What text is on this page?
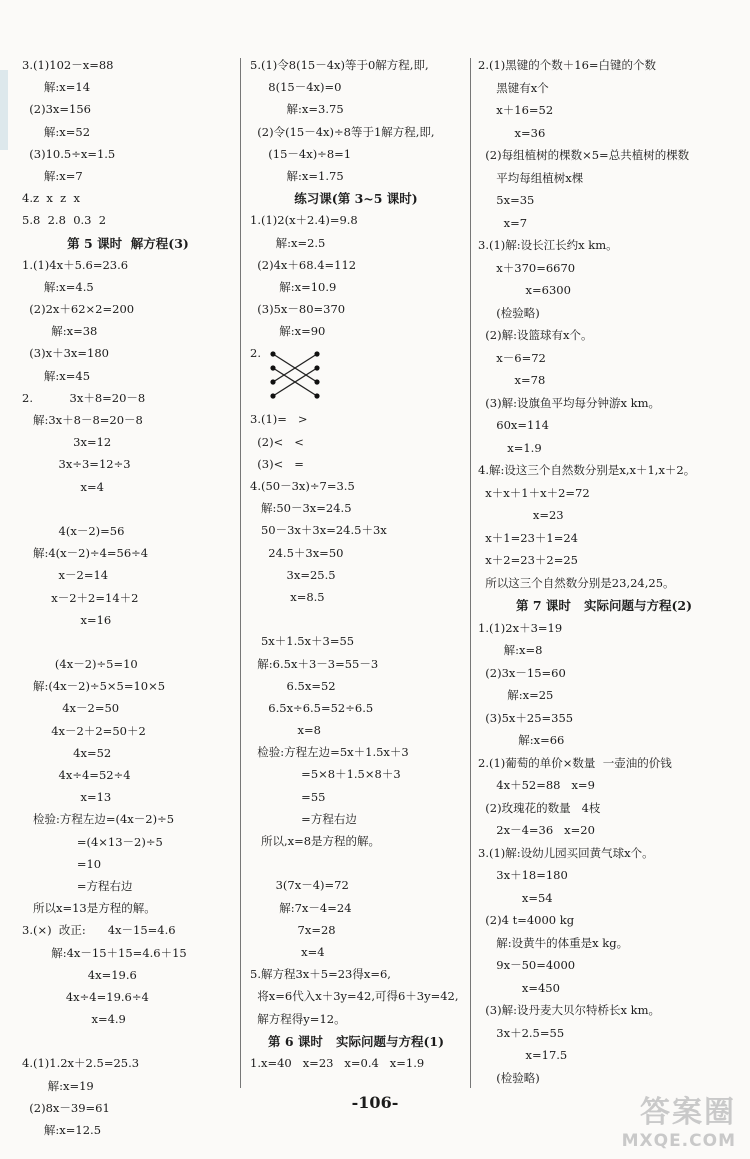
3.(1)102－x=88
解:x=14
(2)3x=156
解:x=52
(3)10.5÷x=1.5
解:x=7
4.z  x  z  x
5.8  2.8  0.3  2
第 5 课时  解方程(3)
1.(1)4x＋5.6=23.6
解:x=4.5
(2)2x＋62×2=200
解:x=38
(3)x＋3x=180
解:x=45
2.          3x＋8=20－8
解:3x＋8－8=20－8
3x=12
3x÷3=12÷3
x=4
4(x－2)=56
解:4(x－2)÷4=56÷4
x－2=14
x－2＋2=14＋2
x=16
(4x－2)÷5=10
解:(4x－2)÷5×5=10×5
4x－2=50
4x－2＋2=50＋2
4x=52
4x÷4=52÷4
x=13
检验:方程左边=(4x－2)÷5
=(4×13－2)÷5
=10
=方程右边
所以x=13是方程的解。
3.(×)  改正:      4x－15=4.6
解:4x－15＋15=4.6＋15
4x=19.6
4x÷4=19.6÷4
x=4.9
4.(1)1.2x＋2.5=25.3
解:x=19
(2)8x－39=61
解:x=12.5
5.(1)令8(15－4x)等于0解方程,即,
8(15－4x)=0
解:x=3.75
(2)令(15－4x)÷8等于1解方程,即,
(15－4x)÷8=1
解:x=1.75
练习课(第 3~5 课时)
1.(1)2(x＋2.4)=9.8
解:x=2.5
(2)4x＋68.4=112
解:x=10.9
(3)5x－80=370
解:x=90
2.
3.(1)=   >
(2)<   <
(3)<   =
4.(50－3x)÷7=3.5
解:50－3x=24.5
50－3x＋3x=24.5＋3x
24.5＋3x=50
3x=25.5
x=8.5
5x＋1.5x＋3=55
解:6.5x＋3－3=55－3
6.5x=52
6.5x÷6.5=52÷6.5
x=8
检验:方程左边=5x＋1.5x＋3
=5×8＋1.5×8＋3
=55
=方程右边
所以,x=8是方程的解。
3(7x－4)=72
解:7x－4=24
7x=28
x=4
5.解方程3x＋5=23得x=6,
将x=6代入x＋3y=42,可得6＋3y=42,
解方程得y=12。
第 6 课时   实际问题与方程(1)
1.x=40   x=23   x=0.4   x=1.9
2.(1)黑键的个数＋16=白键的个数
黑键有x个
x＋16=52
x=36
(2)每组植树的棵数×5=总共植树的棵数
平均每组植树x棵
5x=35
x=7
3.(1)解:设长江长约x km。
x＋370=6670
x=6300
(检验略)
(2)解:设篮球有x个。
x－6=72
x=78
(3)解:设旗鱼平均每分钟游x km。
60x=114
x=1.9
4.解:设这三个自然数分别是x,x＋1,x＋2。
x＋x＋1＋x＋2=72
x=23
x＋1=23＋1=24
x＋2=23＋2=25
所以这三个自然数分别是23,24,25。
第 7 课时   实际问题与方程(2)
1.(1)2x＋3=19
解:x=8
(2)3x－15=60
解:x=25
(3)5x＋25=355
解:x=66
2.(1)葡萄的单价×数量  一壶油的价钱
4x＋52=88   x=9
(2)玫瑰花的数量   4枝
2x－4=36   x=20
3.(1)解:设幼儿园买回黄气球x个。
3x＋18=180
x=54
(2)4 t=4000 kg
解:设黄牛的体重是x kg。
9x－50=4000
x=450
(3)解:设丹麦大贝尔特桥长x km。
3x＋2.5=55
x=17.5
(检验略)
-106-	答案圈
MXQE.COM
